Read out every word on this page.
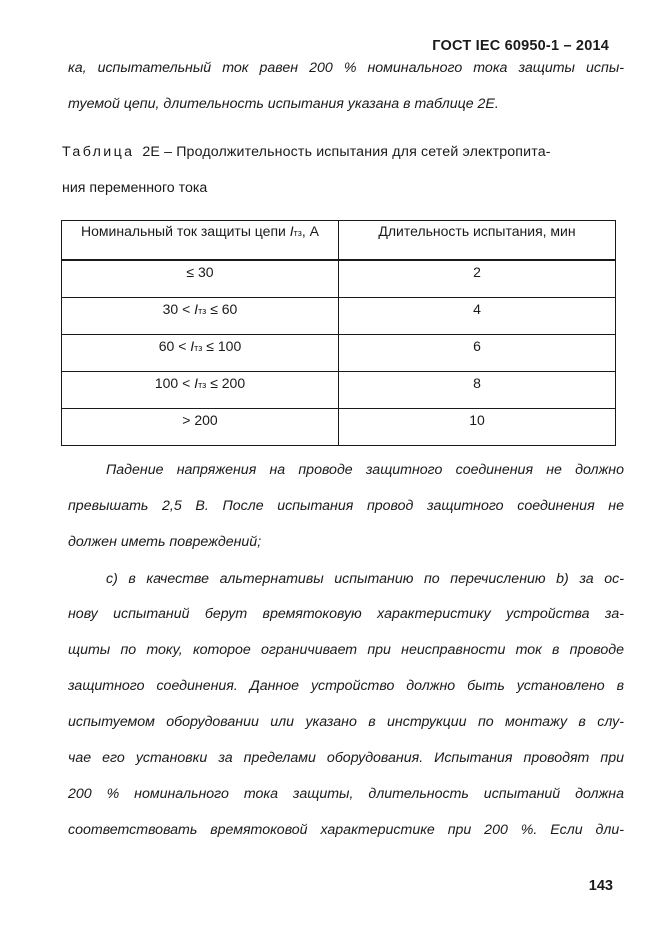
ГОСТ IEC 60950-1 – 2014
ка, испытательный ток равен 200 % номинального тока защиты испы-
туемой цепи, длительность испытания указана в таблице 2Е.
Таблица 2Е – Продолжительность испытания для сетей электропита-
ния переменного тока
Номинальный ток защиты цепи Iтз, А	Длительность испытания, мин
≤ 30	2
30 < Iтз ≤ 60	4
60 < Iтз ≤ 100	6
100 < Iтз ≤ 200	8
> 200	10
Падение напряжения на проводе защитного соединения не должно
превышать 2,5 В. После испытания провод защитного соединения не
должен иметь повреждений;
c) в качестве альтернативы испытанию по перечислению b) за ос-
нову испытаний берут времятоковую характеристику устройства за-
щиты по току, которое ограничивает при неисправности ток в проводе
защитного соединения. Данное устройство должно быть установлено в
испытуемом оборудовании или указано в инструкции по монтажу в слу-
чае его установки за пределами оборудования. Испытания проводят при
200 % номинального тока защиты, длительность испытаний должна
соответствовать времятоковой характеристике при 200 %. Если дли-
143
